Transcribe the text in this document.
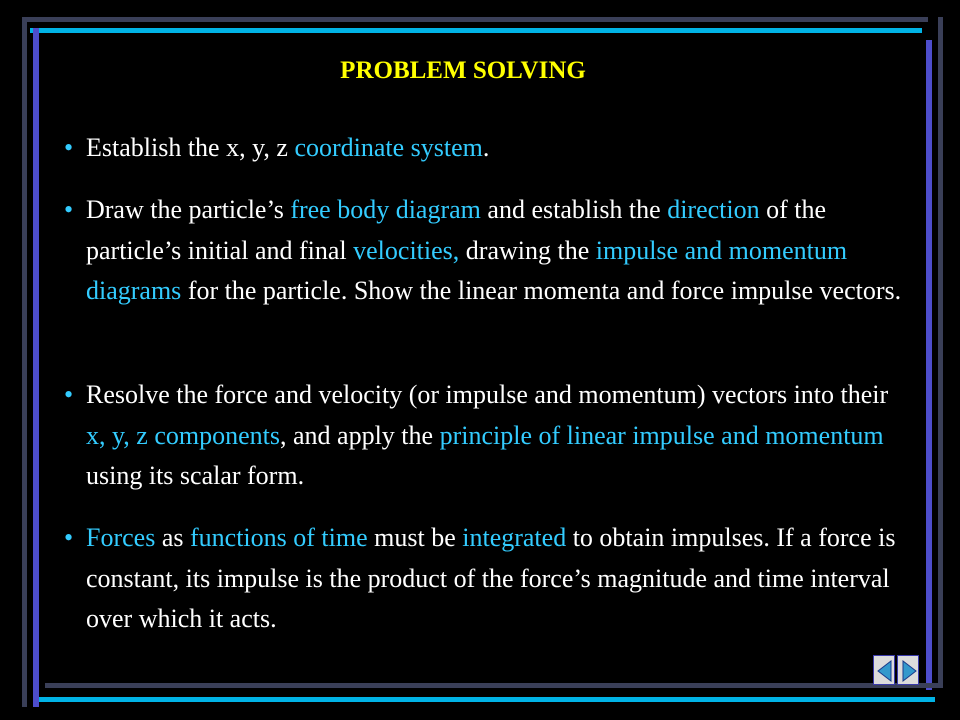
PROBLEM SOLVING
• Establish the x, y, z coordinate system.
• Draw the particle’s free body diagram and establish the direction of the particle’s initial and final velocities, drawing the impulse and momentum diagrams for the particle. Show the linear momenta and force impulse vectors.
• Resolve the force and velocity (or impulse and momentum) vectors into their x, y, z components, and apply the principle of linear impulse and momentum using its scalar form.
• Forces as functions of time must be integrated to obtain impulses. If a force is constant, its impulse is the product of the force’s magnitude and time interval over which it acts.
